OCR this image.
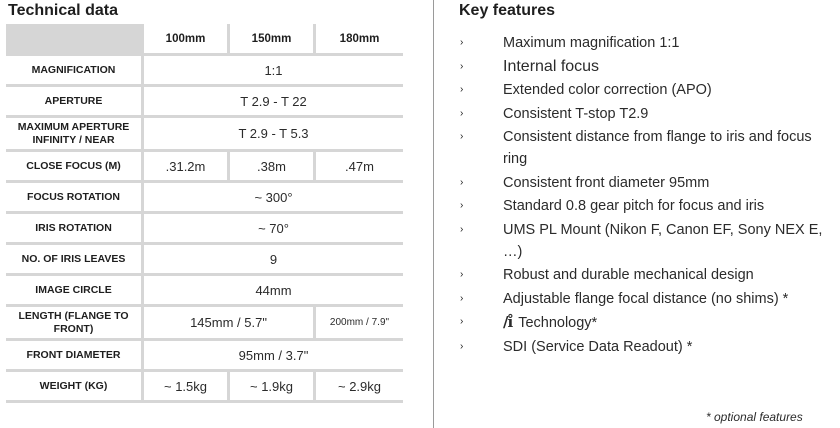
Technical data	Key features
	100mm	150mm	180mm
MAGNIFICATION	1:1		
APERTURE	T 2.9 - T 22		
MAXIMUM APERTURE INFINITY / NEAR	T 2.9 - T 5.3		
CLOSE FOCUS (M)	.31.2m	.38m	.47m
FOCUS ROTATION	~ 300°		
IRIS ROTATION	~ 70°		
NO. OF IRIS LEAVES	9		
IMAGE CIRCLE	44mm		
LENGTH (FLANGE TO FRONT)	145mm / 5.7"		200mm / 7.9"
FRONT DIAMETER	95mm / 3.7"		
WEIGHT (KG)	~ 1.5kg	~ 1.9kg	~ 2.9kg
›	Maximum magnification 1:1
› Internal focus
›	Extended color correction (APO)
›	Consistent T-stop T2.9
›	Consistent distance from flange to iris and focus ring
›	Consistent front diameter 95mm
›	Standard 0.8 gear pitch for focus and iris
›	UMS PL Mount (Nikon F, Canon EF, Sony NEX E, …)
›	Robust and durable mechanical design
›	Adjustable flange focal distance (no shims) *
›	/i̊ Technology*
›	SDI (Service Data Readout) *
* optional features
